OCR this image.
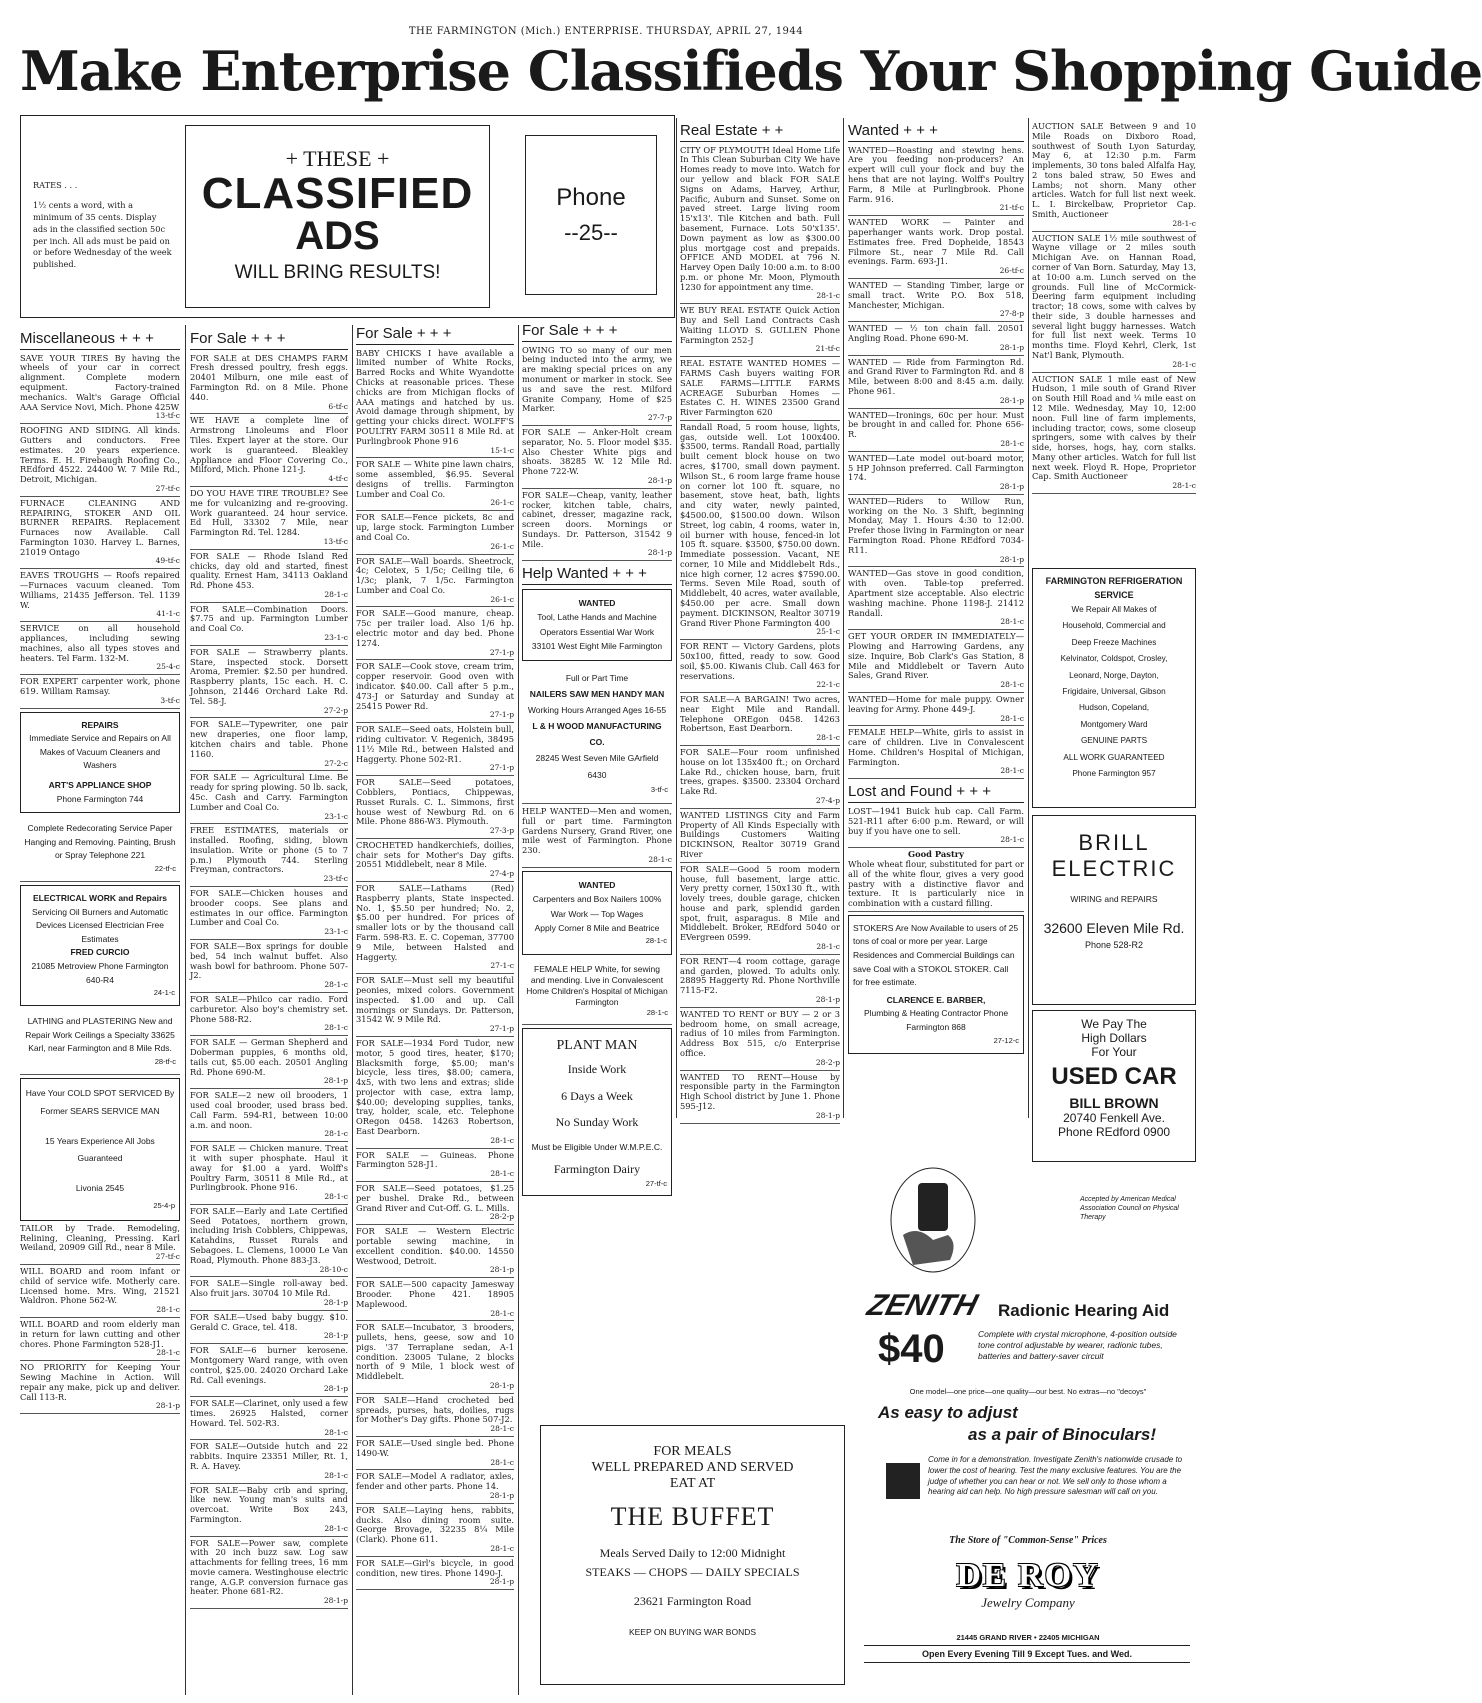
THE FARMINGTON (Mich.) ENTERPRISE. THURSDAY, APRIL 27, 1944
Make Enterprise Classifieds Your Shopping Guide
RATES . . .
1½ cents a word, with a minimum of 35 cents. Display ads in the classified section 50c per inch. All ads must be paid on or before Wednesday of the week published.
+ THESE +
CLASSIFIED
ADS
WILL BRING RESULTS!
Phone
--25--
Miscellaneous + + +
SAVE YOUR TIRES By having the wheels of your car in correct alignment. Complete modern equipment. Factory-trained mechanics. Walt's Garage Official AAA Service Novi, Mich. Phone 425W
13-tf-c
ROOFING AND SIDING. All kinds. Gutters and conductors. Free estimates. 20 years experience. Terms. E. H. Firebaugh Roofing Co., REdford 4522. 24400 W. 7 Mile Rd., Detroit, Michigan.
27-tf-c
FURNACE CLEANING AND REPAIRING, STOKER AND OIL BURNER REPAIRS. Replacement Furnaces now Available. Call Farmington 1030. Harvey L. Barnes, 21019 Ontago
49-tf-c
EAVES TROUGHS — Roofs repaired—Furnaces vacuum cleaned. Tom Williams, 21435 Jefferson. Tel. 1139 W.
41-1-c
SERVICE on all household appliances, including sewing machines, also all types stoves and heaters. Tel Farm. 132-M.
25-4-c
FOR EXPERT carpenter work, phone 619. William Ramsay.
3-tf-c
REPAIRS
Immediate Service and Repairs on All Makes of Vacuum Cleaners and Washers
ART'S APPLIANCE SHOP
Phone Farmington 744
Complete Redecorating Service Paper Hanging and Removing. Painting, Brush or Spray Telephone 221
22-tf-c
ELECTRICAL WORK and Repairs
Servicing Oil Burners and Automatic Devices Licensed Electrician Free Estimates
FRED CURCIO
21085 Metroview Phone Farmington 640-R4
24-1-c
LATHING and PLASTERING New and Repair Work Ceilings a Specialty 33625 Karl, near Farmington and 8 Mile Rds.
28-tf-c
Have Your COLD SPOT SERVICED By Former SEARS SERVICE MAN
15 Years Experience All Jobs Guaranteed
Livonia 2545
25-4-p
TAILOR by Trade. Remodeling, Relining, Cleaning, Pressing. Karl Weiland, 20909 Gill Rd., near 8 Mile.
27-tf-c
WILL BOARD and room infant or child of service wife. Motherly care. Licensed home. Mrs. Wing, 21521 Waldron. Phone 562-W.
28-1-c
WILL BOARD and room elderly man in return for lawn cutting and other chores. Phone Farmington 528-J1.
28-1-c
NO PRIORITY for Keeping Your Sewing Machine in Action. Will repair any make, pick up and deliver. Call 113-R.
28-1-p
For Sale + + +
FOR SALE at DES CHAMPS FARM Fresh dressed poultry, fresh eggs. 20401 Milburn, one mile east of Farmington Rd. on 8 Mile. Phone 440.
6-tf-c
WE HAVE a complete line of Armstrong Linoleums and Floor Tiles. Expert layer at the store. Our work is guaranteed. Bleakley Appliance and Floor Covering Co., Milford, Mich. Phone 121-J.
4-tf-c
DO YOU HAVE TIRE TROUBLE? See me for vulcanizing and re-grooving. Work guaranteed. 24 hour service. Ed Hull, 33302 7 Mile, near Farmington Rd. Tel. 1284.
13-tf-c
FOR SALE — Rhode Island Red chicks, day old and started, finest quality. Ernest Ham, 34113 Oakland Rd. Phone 453.
28-1-c
FOR SALE—Combination Doors. $7.75 and up. Farmington Lumber and Coal Co.
23-1-c
FOR SALE — Strawberry plants. Stare, inspected stock. Dorsett Aroma, Premier. $2.50 per hundred. Raspberry plants, 15c each. H. C. Johnson, 21446 Orchard Lake Rd. Tel. 58-J.
27-2-p
FOR SALE—Typewriter, one pair new draperies, one floor lamp, kitchen chairs and table. Phone 1160.
27-2-c
FOR SALE — Agricultural Lime. Be ready for spring plowing. 50 lb. sack, 45c. Cash and Carry. Farmington Lumber and Coal Co.
23-1-c
FREE ESTIMATES, materials or installed. Roofing, siding, blown insulation. Write or phone (5 to 7 p.m.) Plymouth 744. Sterling Freyman, contractors.
23-tf-c
FOR SALE—Chicken houses and brooder coops. See plans and estimates in our office. Farmington Lumber and Coal Co.
23-1-c
FOR SALE—Box springs for double bed, 54 inch walnut buffet. Also wash bowl for bathroom. Phone 507-J2.
28-1-c
FOR SALE—Philco car radio. Ford carburetor. Also boy's chemistry set. Phone 588-R2.
28-1-c
FOR SALE — German Shepherd and Doberman puppies, 6 months old, tails cut, $5.00 each. 20501 Angling Rd. Phone 690-M.
28-1-p
FOR SALE—2 new oil brooders, 1 used coal brooder, used brass bed. Call Farm. 594-R1, between 10:00 a.m. and noon.
28-1-c
FOR SALE — Chicken manure. Treat it with super phosphate. Haul it away for $1.00 a yard. Wolff's Poultry Farm, 30511 8 Mile Rd., at Purlingbrook. Phone 916.
28-1-c
FOR SALE—Early and Late Certified Seed Potatoes, northern grown, including Irish Cobblers, Chippewas, Katahdins, Russet Rurals and Sebagoes. L. Clemens, 10000 Le Van Road, Plymouth. Phone 883-J3.
28-10-c
FOR SALE—Single roll-away bed. Also fruit jars. 30704 10 Mile Rd.
28-1-p
FOR SALE—Used baby buggy. $10. Gerald C. Grace, tel. 418.
28-1-p
FOR SALE—6 burner kerosene. Montgomery Ward range, with oven control, $25.00. 24020 Orchard Lake Rd. Call evenings.
28-1-p
FOR SALE—Clarinet, only used a few times. 26925 Halsted, corner Howard. Tel. 502-R3.
28-1-c
FOR SALE—Outside hutch and 22 rabbits. Inquire 23351 Miller, Rt. 1, R. A. Havey.
28-1-c
FOR SALE—Baby crib and spring, like new. Young man's suits and overcoat. Write Box 243, Farmington.
28-1-c
FOR SALE—Power saw, complete with 20 inch buzz saw. Log saw attachments for felling trees, 16 mm movie camera. Westinghouse electric range, A.G.P. conversion furnace gas heater. Phone 681-R2.
28-1-p
For Sale + + +
BABY CHICKS I have available a limited number of White Rocks, Barred Rocks and White Wyandotte Chicks at reasonable prices. These chicks are from Michigan flocks of AAA matings and hatched by us. Avoid damage through shipment, by getting your chicks direct. WOLFF'S POULTRY FARM 30511 8 Mile Rd. at Purlingbrook Phone 916
15-1-c
FOR SALE — White pine lawn chairs, some assembled, $6.95. Several designs of trellis. Farmington Lumber and Coal Co.
26-1-c
FOR SALE—Fence pickets, 8c and up, large stock. Farmington Lumber and Coal Co.
26-1-c
FOR SALE—Wall boards. Sheetrock, 4c; Celotex, 5 1/5c; Ceiling tile, 6 1/3c; plank, 7 1/5c. Farmington Lumber and Coal Co.
26-1-c
FOR SALE—Good manure, cheap. 75c per trailer load. Also 1/6 hp. electric motor and day bed. Phone 1274.
27-1-p
FOR SALE—Cook stove, cream trim, copper reservoir. Good oven with indicator. $40.00. Call after 5 p.m., 473-J or Saturday and Sunday at 25415 Power Rd.
27-1-p
FOR SALE—Seed oats, Holstein bull, riding cultivator. V. Regenich, 38495 11½ Mile Rd., between Halsted and Haggerty. Phone 502-R1.
27-1-p
FOR SALE—Seed potatoes, Cobblers, Pontiacs, Chippewas, Russet Rurals. C. L. Simmons, first house west of Newburg Rd. on 6 Mile. Phone 886-W3. Plymouth.
27-3-p
CROCHETED handkerchiefs, doilies, chair sets for Mother's Day gifts. 20551 Middlebelt, near 8 Mile.
27-4-p
FOR SALE—Lathams (Red) Raspberry plants, State inspected. No. 1, $5.50 per hundred; No. 2, $5.00 per hundred. For prices of smaller lots or by the thousand call Farm. 598-R3. E. C. Copeman, 37700 9 Mile, between Halsted and Haggerty.
27-1-c
FOR SALE—Must sell my beautiful peonies, mixed colors. Government inspected. $1.00 and up. Call mornings or Sundays. Dr. Patterson, 31542 W. 9 Mile Rd.
27-1-p
FOR SALE—1934 Ford Tudor, new motor, 5 good tires, heater, $170; Blacksmith forge, $5.00; man's bicycle, less tires, $8.00; camera, 4x5, with two lens and extras; slide projector with case, extra lamp, $40.00; developing supplies, tanks, tray, holder, scale, etc. Telephone ORegon 0458. 14263 Robertson, East Dearborn.
28-1-c
FOR SALE — Guineas. Phone Farmington 528-J1.
28-1-c
FOR SALE—Seed potatoes, $1.25 per bushel. Drake Rd., between Grand River and Cut-Off. G. L. Mills.
28-2-p
FOR SALE — Western Electric portable sewing machine, in excellent condition. $40.00. 14550 Westwood, Detroit.
28-1-p
FOR SALE—500 capacity Jamesway Brooder. Phone 421. 18905 Maplewood.
28-1-c
FOR SALE—Incubator, 3 brooders, pullets, hens, geese, sow and 10 pigs. '37 Terraplane sedan, A-1 condition. 23005 Tulane, 2 blocks north of 9 Mile, 1 block west of Middlebelt.
28-1-p
FOR SALE—Hand crocheted bed spreads, purses, hats, doilies, rugs for Mother's Day gifts. Phone 507-J2.
28-1-c
FOR SALE—Used single bed. Phone 1490-W.
28-1-c
FOR SALE—Model A radiator, axles, fender and other parts. Phone 14.
28-1-p
FOR SALE—Laying hens, rabbits, ducks. Also dining room suite. George Brovage, 32235 8¼ Mile (Clark). Phone 611.
28-1-c
FOR SALE—Girl's bicycle, in good condition, new tires. Phone 1490-J.
28-1-p
For Sale + + +
OWING TO so many of our men being inducted into the army, we are making special prices on any monument or marker in stock. See us and save the rest. Milford Granite Company, Home of $25 Marker.
27-7-p
FOR SALE — Anker-Holt cream separator, No. 5. Floor model $35. Also Chester White pigs and shoats. 38285 W. 12 Mile Rd. Phone 722-W.
28-1-p
FOR SALE—Cheap, vanity, leather rocker, kitchen table, chairs, cabinet, dresser, magazine rack, screen doors. Mornings or Sundays. Dr. Patterson, 31542 9 Mile.
28-1-p
Help Wanted + + +
WANTED
Tool, Lathe Hands and Machine Operators Essential War Work
33101 West Eight Mile Farmington
Full or Part Time
NAILERS SAW MEN HANDY MAN
Working Hours Arranged Ages 16-55
L & H WOOD MANUFACTURING CO.
28245 West Seven Mile GArfield 6430
3-tf-c
HELP WANTED—Men and women, full or part time. Farmington Gardens Nursery, Grand River, one mile west of Farmington. Phone 230.
28-1-c
WANTED
Carpenters and Box Nailers 100% War Work — Top Wages
Apply Corner 8 Mile and Beatrice
28-1-c
FEMALE HELP White, for sewing and mending. Live in Convalescent Home Children's Hospital of Michigan Farmington
28-1-c
PLANT MAN
Inside Work
6 Days a Week
No Sunday Work
Must be Eligible Under W.M.P.E.C.
Farmington Dairy
27-tf-c
FOR MEALS
WELL PREPARED AND SERVED
EAT AT
THE BUFFET
Meals Served Daily to 12:00 Midnight
STEAKS — CHOPS — DAILY SPECIALS
23621 Farmington Road
KEEP ON BUYING WAR BONDS
Real Estate + +
CITY OF PLYMOUTH Ideal Home Life In This Clean Suburban City We have Homes ready to move into. Watch for our yellow and black FOR SALE Signs on Adams, Harvey, Arthur, Pacific, Auburn and Sunset. Some on paved street. Large living room 15'x13'. Tile Kitchen and bath. Full basement, Furnace. Lots 50'x135'. Down payment as low as $300.00 plus mortgage cost and prepaids. OFFICE AND MODEL at 796 N. Harvey Open Daily 10:00 a.m. to 8:00 p.m. or phone Mr. Moon, Plymouth 1230 for appointment any time.
28-1-c
WE BUY REAL ESTATE Quick Action Buy and Sell Land Contracts Cash Waiting LLOYD S. GULLEN Phone Farmington 252-J
21-tf-c
REAL ESTATE WANTED HOMES — FARMS Cash buyers waiting FOR SALE FARMS—LITTLE FARMS ACREAGE Suburban Homes — Estates C. H. WINES 23500 Grand River Farmington 620
Randall Road, 5 room house, lights, gas, outside well. Lot 100x400. $3500, terms. Randall Road, partially built cement block house on two acres, $1700, small down payment. Wilson St., 6 room large frame house on corner lot 100 ft. square, no basement, stove heat, bath, lights and city water, newly painted, $4500.00, $1500.00 down. Wilson Street, log cabin, 4 rooms, water in, oil burner with house, fenced-in lot 105 ft. square. $3500, $750.00 down. Immediate possession. Vacant, NE corner, 10 Mile and Middlebelt Rds., nice high corner, 12 acres $7590.00. Terms. Seven Mile Road, south of Middlebelt, 40 acres, water available, $450.00 per acre. Small down payment. DICKINSON, Realtor 30719 Grand River Phone Farmington 400
25-1-c
FOR RENT — Victory Gardens, plots 50x100, fitted, ready to sow. Good soil, $5.00. Kiwanis Club. Call 463 for reservations.
22-1-c
FOR SALE—A BARGAIN! Two acres, near Eight Mile and Randall. Telephone OREgon 0458. 14263 Robertson, East Dearborn.
28-1-c
FOR SALE—Four room unfinished house on lot 135x400 ft.; on Orchard Lake Rd., chicken house, barn, fruit trees, grapes. $3500. 23304 Orchard Lake Rd.
27-4-p
WANTED LISTINGS City and Farm Property of All Kinds Especially with Buildings Customers Waiting DICKINSON, Realtor 30719 Grand River
FOR SALE—Good 5 room modern house, full basement, large attic. Very pretty corner, 150x130 ft., with lovely trees, double garage, chicken house and park, splendid garden spot, fruit, asparagus. 8 Mile and Middlebelt. Broker, REdford 5040 or EVergreen 0599.
28-1-c
FOR RENT—4 room cottage, garage and garden, plowed. To adults only. 28895 Haggerty Rd. Phone Northville 7115-F2.
28-1-p
WANTED TO RENT or BUY — 2 or 3 bedroom home, on small acreage, radius of 10 miles from Farmington. Address Box 515, c/o Enterprise office.
28-2-p
WANTED TO RENT—House by responsible party in the Farmington High School district by June 1. Phone 595-J12.
28-1-p
Wanted + + +
WANTED—Roasting and stewing hens. Are you feeding non-producers? An expert will cull your flock and buy the hens that are not laying. Wolff's Poultry Farm, 8 Mile at Purlingbrook. Phone Farm. 916.
21-tf-c
WANTED WORK — Painter and paperhanger wants work. Drop postal. Estimates free. Fred Dopheide, 18543 Filmore St., near 7 Mile Rd. Call evenings. Farm. 693-J1.
26-tf-c
WANTED — Standing Timber, large or small tract. Write P.O. Box 518, Manchester, Michigan.
27-8-p
WANTED — ½ ton chain fall. 20501 Angling Road. Phone 690-M.
28-1-p
WANTED — Ride from Farmington Rd. and Grand River to Farmington Rd. and 8 Mile, between 8:00 and 8:45 a.m. daily. Phone 961.
28-1-p
WANTED—Ironings, 60c per hour. Must be brought in and called for. Phone 656-R.
28-1-c
WANTED—Late model out-board motor, 5 HP Johnson preferred. Call Farmington 174.
28-1-p
WANTED—Riders to Willow Run, working on the No. 3 Shift, beginning Monday, May 1. Hours 4:30 to 12:00. Prefer those living in Farmington or near Farmington Road. Phone REdford 7034-R11.
28-1-p
WANTED—Gas stove in good condition, with oven. Table-top preferred. Apartment size acceptable. Also electric washing machine. Phone 1198-J. 21412 Randall.
28-1-c
GET YOUR ORDER IN IMMEDIATELY—Plowing and Harrowing Gardens, any size. Inquire, Bob Clark's Gas Station, 8 Mile and Middlebelt or Tavern Auto Sales, Grand River.
28-1-c
WANTED—Home for male puppy. Owner leaving for Army. Phone 449-J.
28-1-c
FEMALE HELP—White, girls to assist in care of children. Live in Convalescent Home. Children's Hospital of Michigan, Farmington.
28-1-c
Lost and Found + + +
LOST—1941 Buick hub cap. Call Farm. 521-R11 after 6:00 p.m. Reward, or will buy if you have one to sell.
28-1-c
Good Pastry
Whole wheat flour, substituted for part or all of the white flour, gives a very good pastry with a distinctive flavor and texture. It is particularly nice in combination with a custard filling.
STOKERS Are Now Available to users of 25 tons of coal or more per year. Large Residences and Commercial Buildings can save Coal with a STOKOL STOKER. Call for free estimate.
CLARENCE E. BARBER,
Plumbing & Heating Contractor Phone Farmington 868
27-12-c
AUCTION SALE Between 9 and 10 Mile Roads on Dixboro Road, southwest of South Lyon Saturday, May 6, at 12:30 p.m. Farm implements, 30 tons baled Alfalfa Hay, 2 tons baled straw, 50 Ewes and Lambs; not shorn. Many other articles. Watch for full list next week. L. I. Birckelbaw, Proprietor Cap. Smith, Auctioneer
28-1-c
AUCTION SALE 1½ mile southwest of Wayne village or 2 miles south Michigan Ave. on Hannan Road, corner of Van Born. Saturday, May 13, at 10:00 a.m. Lunch served on the grounds. Full line of McCormick-Deering farm equipment including tractor; 18 cows, some with calves by their side, 3 double harnesses and several light buggy harnesses. Watch for full list next week. Terms 10 months time. Floyd Kehrl, Clerk, 1st Nat'l Bank, Plymouth.
28-1-c
AUCTION SALE 1 mile east of New Hudson, 1 mile south of Grand River on South Hill Road and ¼ mile east on 12 Mile. Wednesday, May 10, 12:00 noon. Full line of farm implements, including tractor, cows, some closeup springers, some with calves by their side, horses, hogs, hay, corn stalks. Many other articles. Watch for full list next week. Floyd R. Hope, Proprietor Cap. Smith Auctioneer
28-1-c
FARMINGTON REFRIGERATION SERVICE
We Repair All Makes of
Household, Commercial and
Deep Freeze Machines
Kelvinator, Coldspot, Crosley,
Leonard, Norge, Dayton,
Frigidaire, Universal, Gibson
Hudson, Copeland,
Montgomery Ward
GENUINE PARTS
ALL WORK GUARANTEED
Phone Farmington 957
BRILL
ELECTRIC
WIRING and REPAIRS
32600 Eleven Mile Rd.
Phone 528-R2
We Pay The
High Dollars
For Your
USED CAR
BILL BROWN
20740 Fenkell Ave.
Phone REdford 0900
Accepted by American Medical Association Council on Physical Therapy
ZENITH Radionic Hearing Aid
$40	Complete with crystal microphone, 4-position outside tone control adjustable by wearer, radionic tubes, batteries and battery-saver circuit
One model—one price—one quality—our best. No extras—no "decoys"
As easy to adjust
as a pair of Binoculars!
Come in for a demonstration. Investigate Zenith's nationwide crusade to lower the cost of hearing. Test the many exclusive features. You are the judge of whether you can hear or not. We sell only to those whom a hearing aid can help. No high pressure salesman will call on you.
The Store of "Common-Sense" Prices
DE ROY
Jewelry Company
21445 GRAND RIVER • 22405 MICHIGAN
Open Every Evening Till 9 Except Tues. and Wed.
